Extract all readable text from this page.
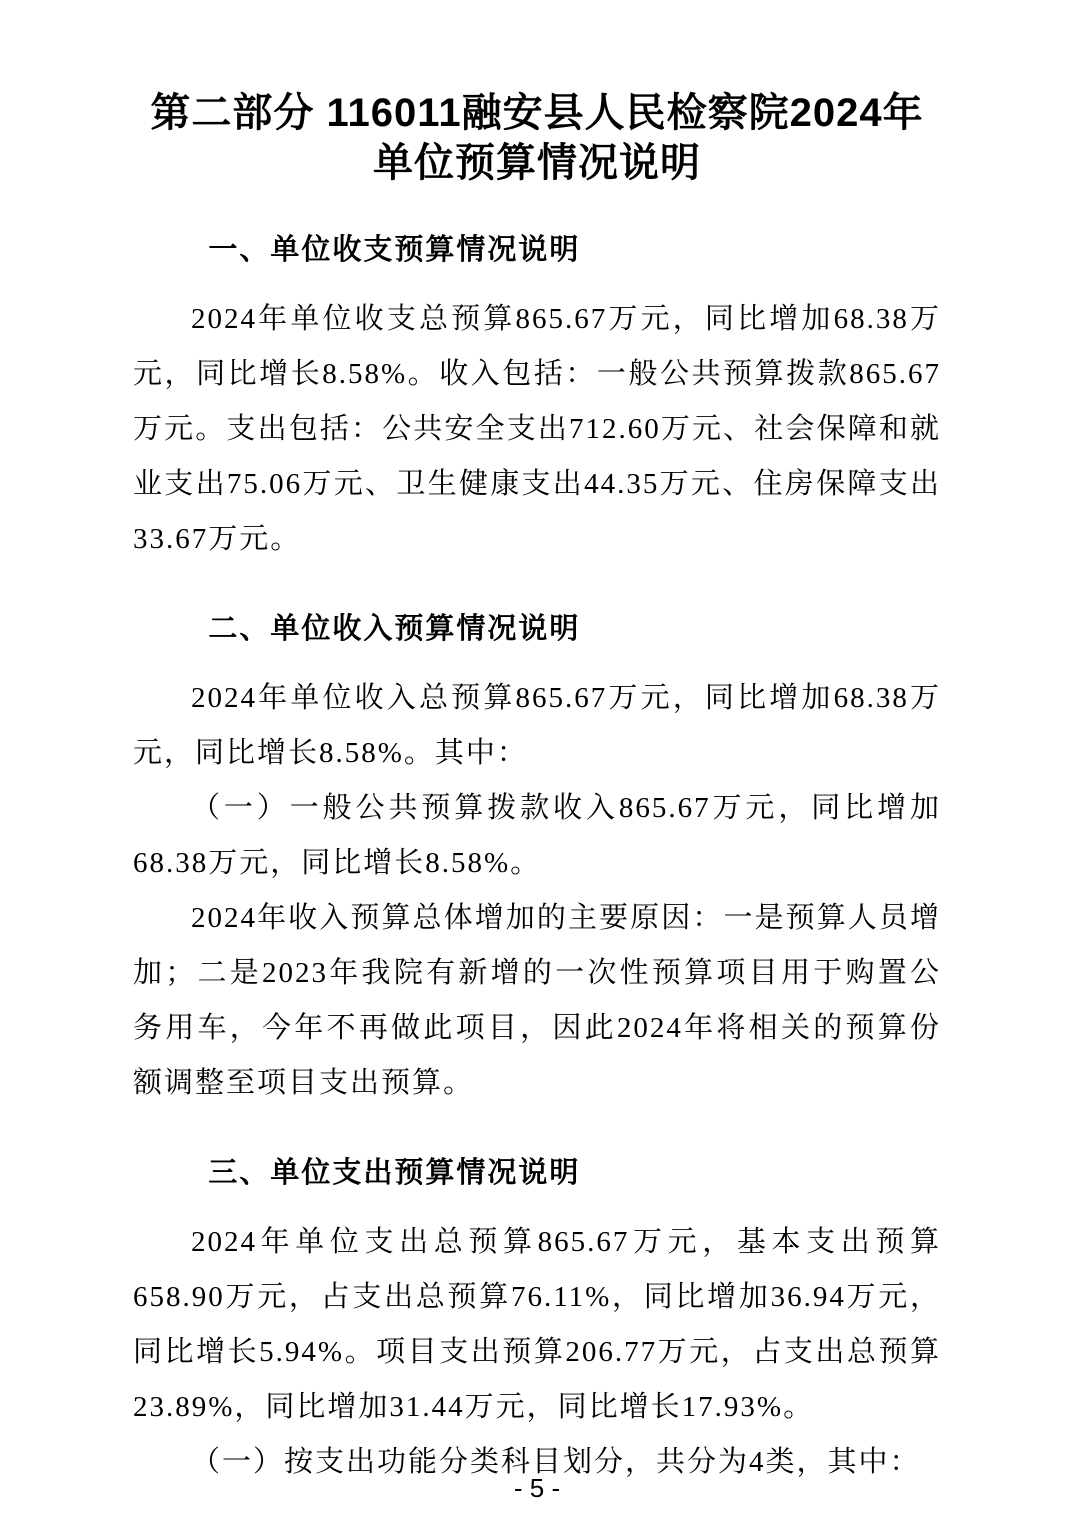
第二部分 116011融安县人民检察院2024年
单位预算情况说明
一、单位收支预算情况说明

2024年单位收支总预算865.67万元，同比增加68.38万元，同比增长8.58%。收入包括：一般公共预算拨款865.67万元。支出包括：公共安全支出712.60万元、社会保障和就业支出75.06万元、卫生健康支出44.35万元、住房保障支出33.67万元。

二、单位收入预算情况说明

2024年单位收入总预算865.67万元，同比增加68.38万元，同比增长8.58%。其中：

（一）一般公共预算拨款收入865.67万元，同比增加68.38万元，同比增长8.58%。

2024年收入预算总体增加的主要原因：一是预算人员增加；二是2023年我院有新增的一次性预算项目用于购置公务用车，今年不再做此项目，因此2024年将相关的预算份额调整至项目支出预算。

三、单位支出预算情况说明

2024年单位支出总预算865.67万元，基本支出预算658.90万元，占支出总预算76.11%，同比增加36.94万元，同比增长5.94%。项目支出预算206.77万元，占支出总预算23.89%，同比增加31.44万元，同比增长17.93%。

（一）按支出功能分类科目划分，共分为4类，其中：

- 5 -
